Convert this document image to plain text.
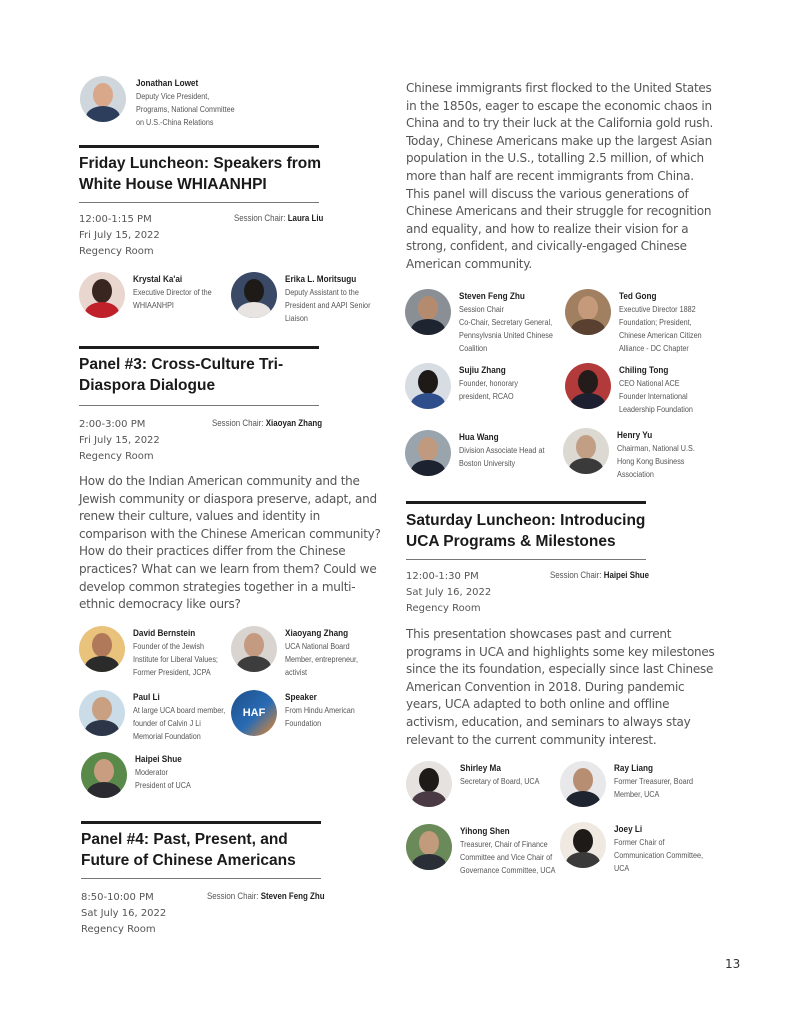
Jonathan Lowet
Deputy Vice President,
Programs, National Committee
on U.S.-China Relations
Friday Luncheon: Speakers from
White House WHIAANHPI
12:00-1:15 PM
Fri July 15, 2022
Regency Room
Session Chair: Laura Liu
Krystal Ka'ai
Executive Director of the
WHIAANHPI
Erika L. Moritsugu
Deputy Assistant to the
President and AAPI Senior
Liaison
Panel #3: Cross-Culture Tri-
Diaspora Dialogue
2:00-3:00 PM
Fri July 15, 2022
Regency Room
Session Chair: Xiaoyan Zhang
How do the Indian American community and the Jewish community or diaspora preserve, adapt, and renew their culture, values and identity in comparison with the Chinese American community? How do their practices differ from the Chinese practices? What can we learn from them? Could we develop common strategies together in a multi-ethnic democracy like ours?
David Bernstein
Founder of the Jewish
Institute for Liberal Values;
Former President, JCPA
Xiaoyang Zhang
UCA National Board
Member, entrepreneur,
activist
Paul Li
At large UCA board member,
founder of Calvin J Li
Memorial Foundation
HAF
Speaker
From Hindu American
Foundation
Haipei Shue
Moderator
President of UCA
Panel #4: Past, Present, and
Future of Chinese Americans
8:50-10:00 PM
Sat July 16, 2022
Regency Room
Session Chair: Steven Feng Zhu
Chinese immigrants first flocked to the United States in the 1850s, eager to escape the economic chaos in China and to try their luck at the California gold rush. Today, Chinese Americans make up the largest Asian population in the U.S., totalling 2.5 million, of which more than half are recent immigrants from China. This panel will discuss the various generations of Chinese Americans and their struggle for recognition and equality, and how to realize their vision for a strong, confident, and civically-engaged Chinese American community.
Steven Feng Zhu
Session Chair
Co-Chair, Secretary General,
Pennsylvsnia United Chinese
Coalition
Ted Gong
Executive Director 1882
Foundation; President,
Chinese American Citizen
Alliance - DC Chapter
Sujiu Zhang
Founder, honorary
president, RCAO
Chiling Tong
CEO National ACE
Founder International
Leadership Foundation
Hua Wang
Division Associate Head at
Boston University
Henry Yu
Chairman, National U.S.
Hong Kong Business
Association
Saturday Luncheon: Introducing
UCA Programs & Milestones
12:00-1:30 PM
Sat July 16, 2022
Regency Room
Session Chair: Haipei Shue
This presentation showcases past and current programs in UCA and highlights some key milestones since the its foundation, especially since last Chinese American Convention in 2018. During pandemic years, UCA adapted to both online and offline activism, education, and seminars to always stay relevant to the current community interest.
Shirley Ma
Secretary of Board, UCA
Ray Liang
Former Treasurer, Board
Member, UCA
Yihong Shen
Treasurer, Chair of Finance
Committee and Vice Chair of
Governance Committee, UCA
Joey Li
Former Chair of
Communication Committee,
UCA
13
